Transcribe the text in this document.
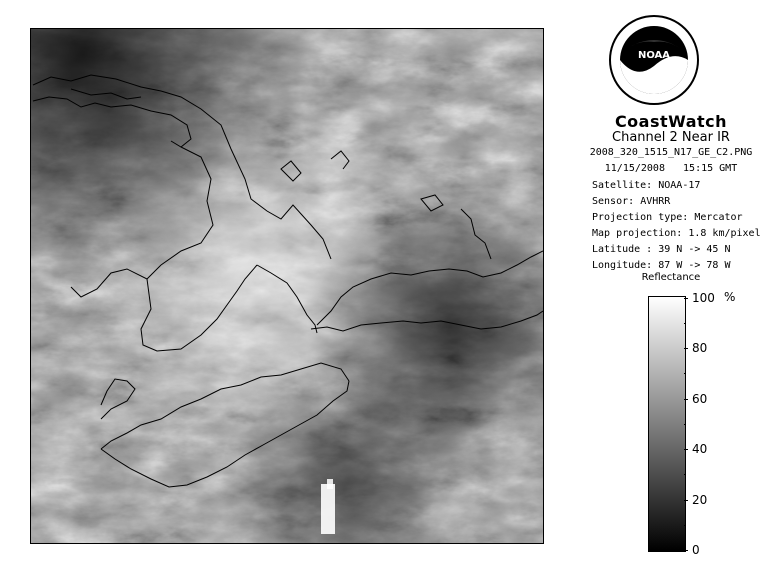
NOAA
CoastWatch
Channel 2 Near IR
2008_320_1515_N17_GE_C2.PNG
11/15/2008   15:15 GMT
Satellite: NOAA-17
Sensor: AVHRR
Projection type: Mercator
Map projection: 1.8 km/pixel
Latitude : 39 N -> 45 N
Longitude: 87 W -> 78 W
Reflectance
100
80
60
40
20
0
%
